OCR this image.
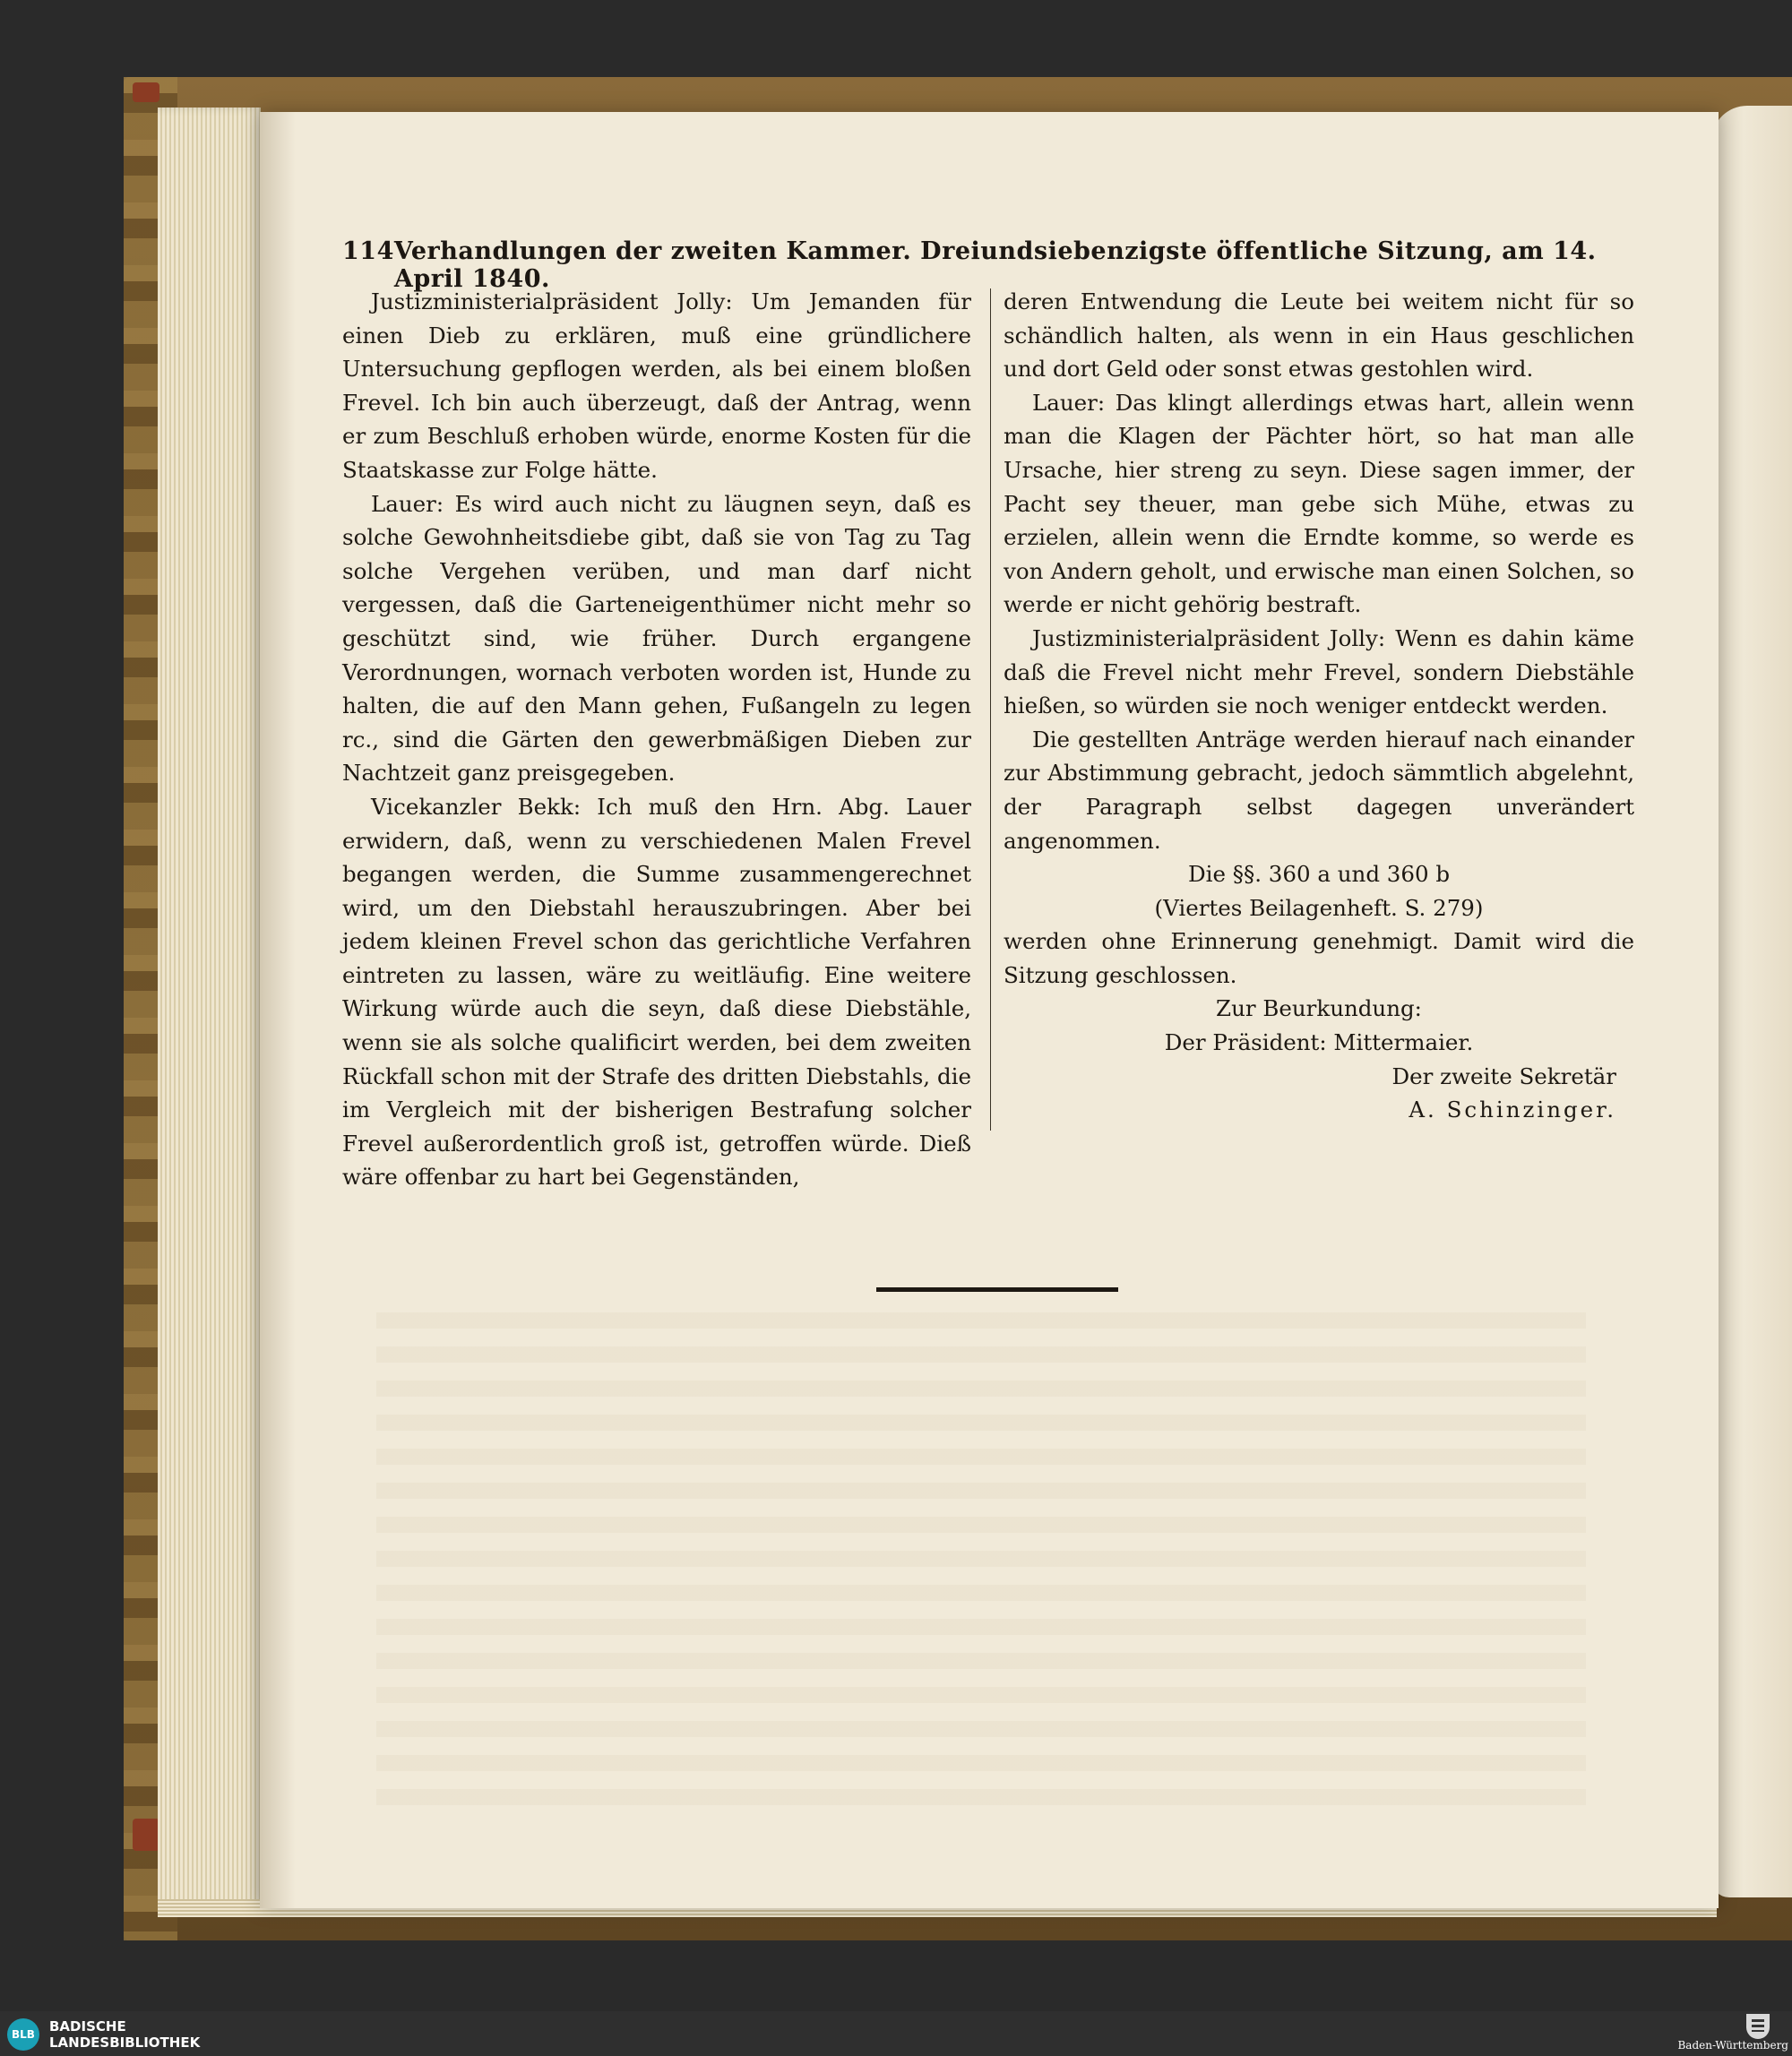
114 Verhandlungen der zweiten Kammer. Dreiundsiebenzigste öffentliche Sitzung, am 14. April 1840.

Justizministerialpräsident Jolly: Um Jemanden für einen Dieb zu erklären, muß eine gründlichere Untersuchung gepflogen werden, als bei einem bloßen Frevel. Ich bin auch überzeugt, daß der Antrag, wenn er zum Beschluß erhoben würde, enorme Kosten für die Staatskasse zur Folge hätte.

Lauer: Es wird auch nicht zu läugnen seyn, daß es solche Gewohnheitsdiebe gibt, daß sie von Tag zu Tag solche Vergehen verüben, und man darf nicht vergessen, daß die Garteneigenthümer nicht mehr so geschützt sind, wie früher. Durch ergangene Verordnungen, wornach verboten worden ist, Hunde zu halten, die auf den Mann gehen, Fußangeln zu legen rc., sind die Gärten den gewerbmäßigen Dieben zur Nachtzeit ganz preisgegeben.

Vicekanzler Bekk: Ich muß den Hrn. Abg. Lauer erwidern, daß, wenn zu verschiedenen Malen Frevel begangen werden, die Summe zusammengerechnet wird, um den Diebstahl herauszubringen. Aber bei jedem kleinen Frevel schon das gerichtliche Verfahren eintreten zu lassen, wäre zu weitläufig. Eine weitere Wirkung würde auch die seyn, daß diese Diebstähle, wenn sie als solche qualificirt werden, bei dem zweiten Rückfall schon mit der Strafe des dritten Diebstahls, die im Vergleich mit der bisherigen Bestrafung solcher Frevel außerordentlich groß ist, getroffen würde. Dieß wäre offenbar zu hart bei Gegenständen,

deren Entwendung die Leute bei weitem nicht für so schändlich halten, als wenn in ein Haus geschlichen und dort Geld oder sonst etwas gestohlen wird.

Lauer: Das klingt allerdings etwas hart, allein wenn man die Klagen der Pächter hört, so hat man alle Ursache, hier streng zu seyn. Diese sagen immer, der Pacht sey theuer, man gebe sich Mühe, etwas zu erzielen, allein wenn die Erndte komme, so werde es von Andern geholt, und erwische man einen Solchen, so werde er nicht gehörig bestraft.

Justizministerialpräsident Jolly: Wenn es dahin käme daß die Frevel nicht mehr Frevel, sondern Diebstähle hießen, so würden sie noch weniger entdeckt werden.

Die gestellten Anträge werden hierauf nach einander zur Abstimmung gebracht, jedoch sämmtlich abgelehnt, der Paragraph selbst dagegen unverändert angenommen.

Die §§. 360 a und 360 b

(Viertes Beilagenheft. S. 279)

werden ohne Erinnerung genehmigt. Damit wird die Sitzung geschlossen.

Zur Beurkundung:

Der Präsident: Mittermaier.

Der zweite Sekretär

A. Schinzinger.

BLB	BADISCHE
LANDESBIBLIOTHEK	Baden-Württemberg
